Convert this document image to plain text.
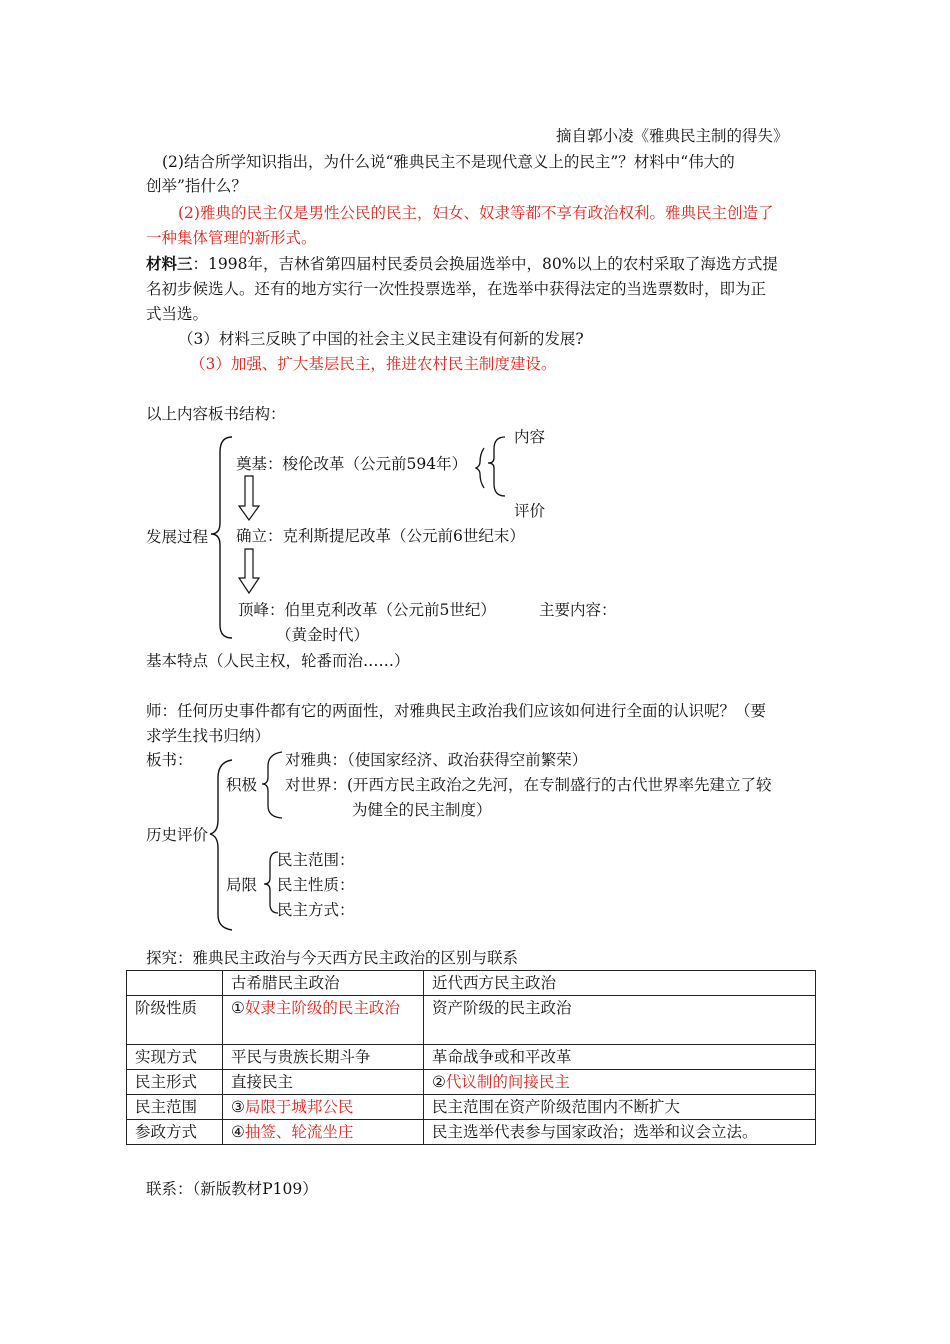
摘自郭小凌《雅典民主制的得失》
(2)结合所学知识指出，为什么说“雅典民主不是现代意义上的民主”？材料中“伟大的
创举”指什么？
(2)雅典的民主仅是男性公民的民主，妇女、奴隶等都不享有政治权利。雅典民主创造了
一种集体管理的新形式。
材料三：1998年，吉林省第四届村民委员会换届选举中，80%以上的农村采取了海选方式提
名初步候选人。还有的地方实行一次性投票选举，在选举中获得法定的当选票数时，即为正
式当选。
（3）材料三反映了中国的社会主义民主建设有何新的发展?
（3）加强、扩大基层民主，推进农村民主制度建设。
以上内容板书结构：
内容
奠基：梭伦改革（公元前594年）
评价
发展过程 确立：克利斯提尼改革（公元前6世纪末）
顶峰：伯里克利改革（公元前5世纪）	主要内容：
（黄金时代）
基本特点（人民主权，轮番而治……）
师：任何历史事件都有它的两面性，对雅典民主政治我们应该如何进行全面的认识呢？（要
求学生找书归纳）
板书：	对雅典：（使国家经济、政治获得空前繁荣）
积极 对世界：(开西方民主政治之先河，在专制盛行的古代世界率先建立了较
为健全的民主制度）
历史评价
民主范围：
局限 民主性质：
民主方式：
探究：雅典民主政治与今天西方民主政治的区别与联系
	古希腊民主政治	近代西方民主政治
阶级性质	①奴隶主阶级的民主政治	资产阶级的民主政治
实现方式	平民与贵族长期斗争	革命战争或和平改革
民主形式	直接民主	②代议制的间接民主
民主范围	③局限于城邦公民	民主范围在资产阶级范围内不断扩大
参政方式	④抽签、轮流坐庄	民主选举代表参与国家政治；选举和议会立法。
联系：（新版教材P109）
